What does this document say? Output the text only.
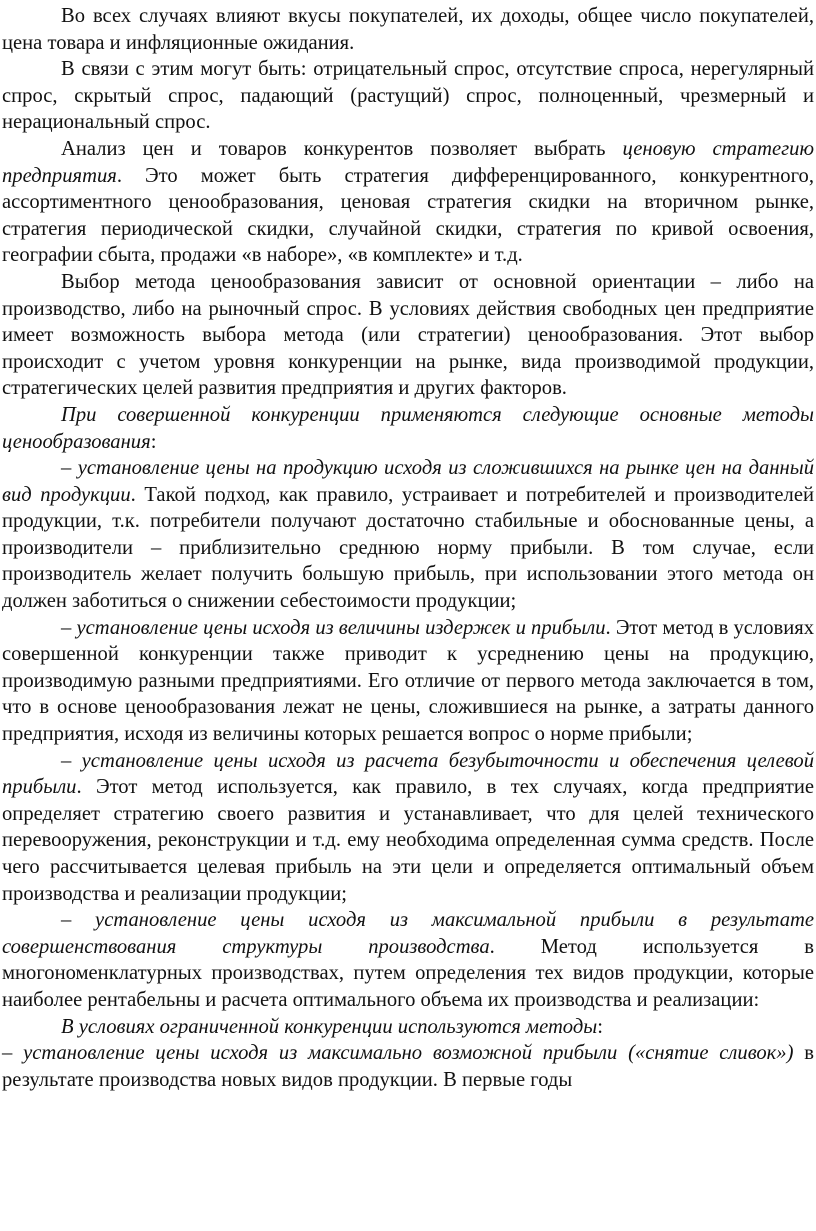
Во всех случаях влияют вкусы покупателей, их доходы, общее число покупателей, цена товара и инфляционные ожидания.

В связи с этим могут быть: отрицательный спрос, отсутствие спроса, нерегулярный спрос, скрытый спрос, падающий (растущий) спрос, полноценный, чрезмерный и нерациональный спрос.

Анализ цен и товаров конкурентов позволяет выбрать ценовую стратегию предприятия. Это может быть стратегия дифференцированного, конкурентного, ассортиментного ценообразования, ценовая стратегия скидки на вторичном рынке, стратегия периодической скидки, случайной скидки, стратегия по кривой освоения, географии сбыта, продажи «в наборе», «в комплекте» и т.д.

Выбор метода ценообразования зависит от основной ориентации – либо на производство, либо на рыночный спрос. В условиях действия свободных цен предприятие имеет возможность выбора метода (или стратегии) ценообразования. Этот выбор происходит с учетом уровня конкуренции на рынке, вида производимой продукции, стратегических целей развития предприятия и других факторов.

При совершенной конкуренции применяются следующие основные методы ценообразования:

– установление цены на продукцию исходя из сложившихся на рынке цен на данный вид продукции. Такой подход, как правило, устраивает и потребителей и производителей продукции, т.к. потребители получают достаточно стабильные и обоснованные цены, а производители – приблизительно среднюю норму прибыли. В том случае, если производитель желает получить большую прибыль, при использовании этого метода он должен заботиться о снижении себестоимости продукции;

– установление цены исходя из величины издержек и прибыли. Этот метод в условиях совершенной конкуренции также приводит к усреднению цены на продукцию, производимую разными предприятиями. Его отличие от первого метода заключается в том, что в основе ценообразования лежат не цены, сложившиеся на рынке, а затраты данного предприятия, исходя из величины которых решается вопрос о норме прибыли;

– установление цены исходя из расчета безубыточности и обеспечения целевой прибыли. Этот метод используется, как правило, в тех случаях, когда предприятие определяет стратегию своего развития и устанавливает, что для целей технического перевооружения, реконструкции и т.д. ему необходима определенная сумма средств. После чего рассчитывается целевая прибыль на эти цели и определяется оптимальный объем производства и реализации продукции;

– установление цены исходя из максимальной прибыли в результате совершенствования структуры производства. Метод используется в многономенклатурных производствах, путем определения тех видов продукции, которые наиболее рентабельны и расчета оптимального объема их производства и реализации:

В условиях ограниченной конкуренции используются методы:

– установление цены исходя из максимально возможной прибыли («снятие сливок») в результате производства новых видов продукции. В первые годы
